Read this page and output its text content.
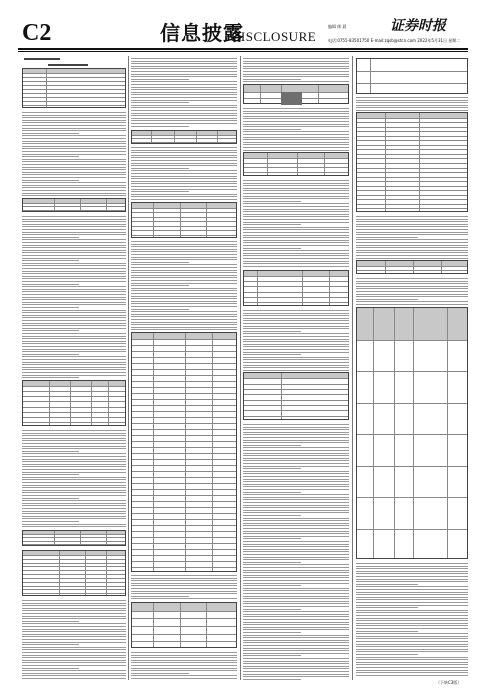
C2	信息披露
DISCLOSURE
编辑 郎 晨	证券时报
电话:0755-83501750 E-mail:zqsb@stcn.com 2022年5月31日 星期二
（下转C3版）
